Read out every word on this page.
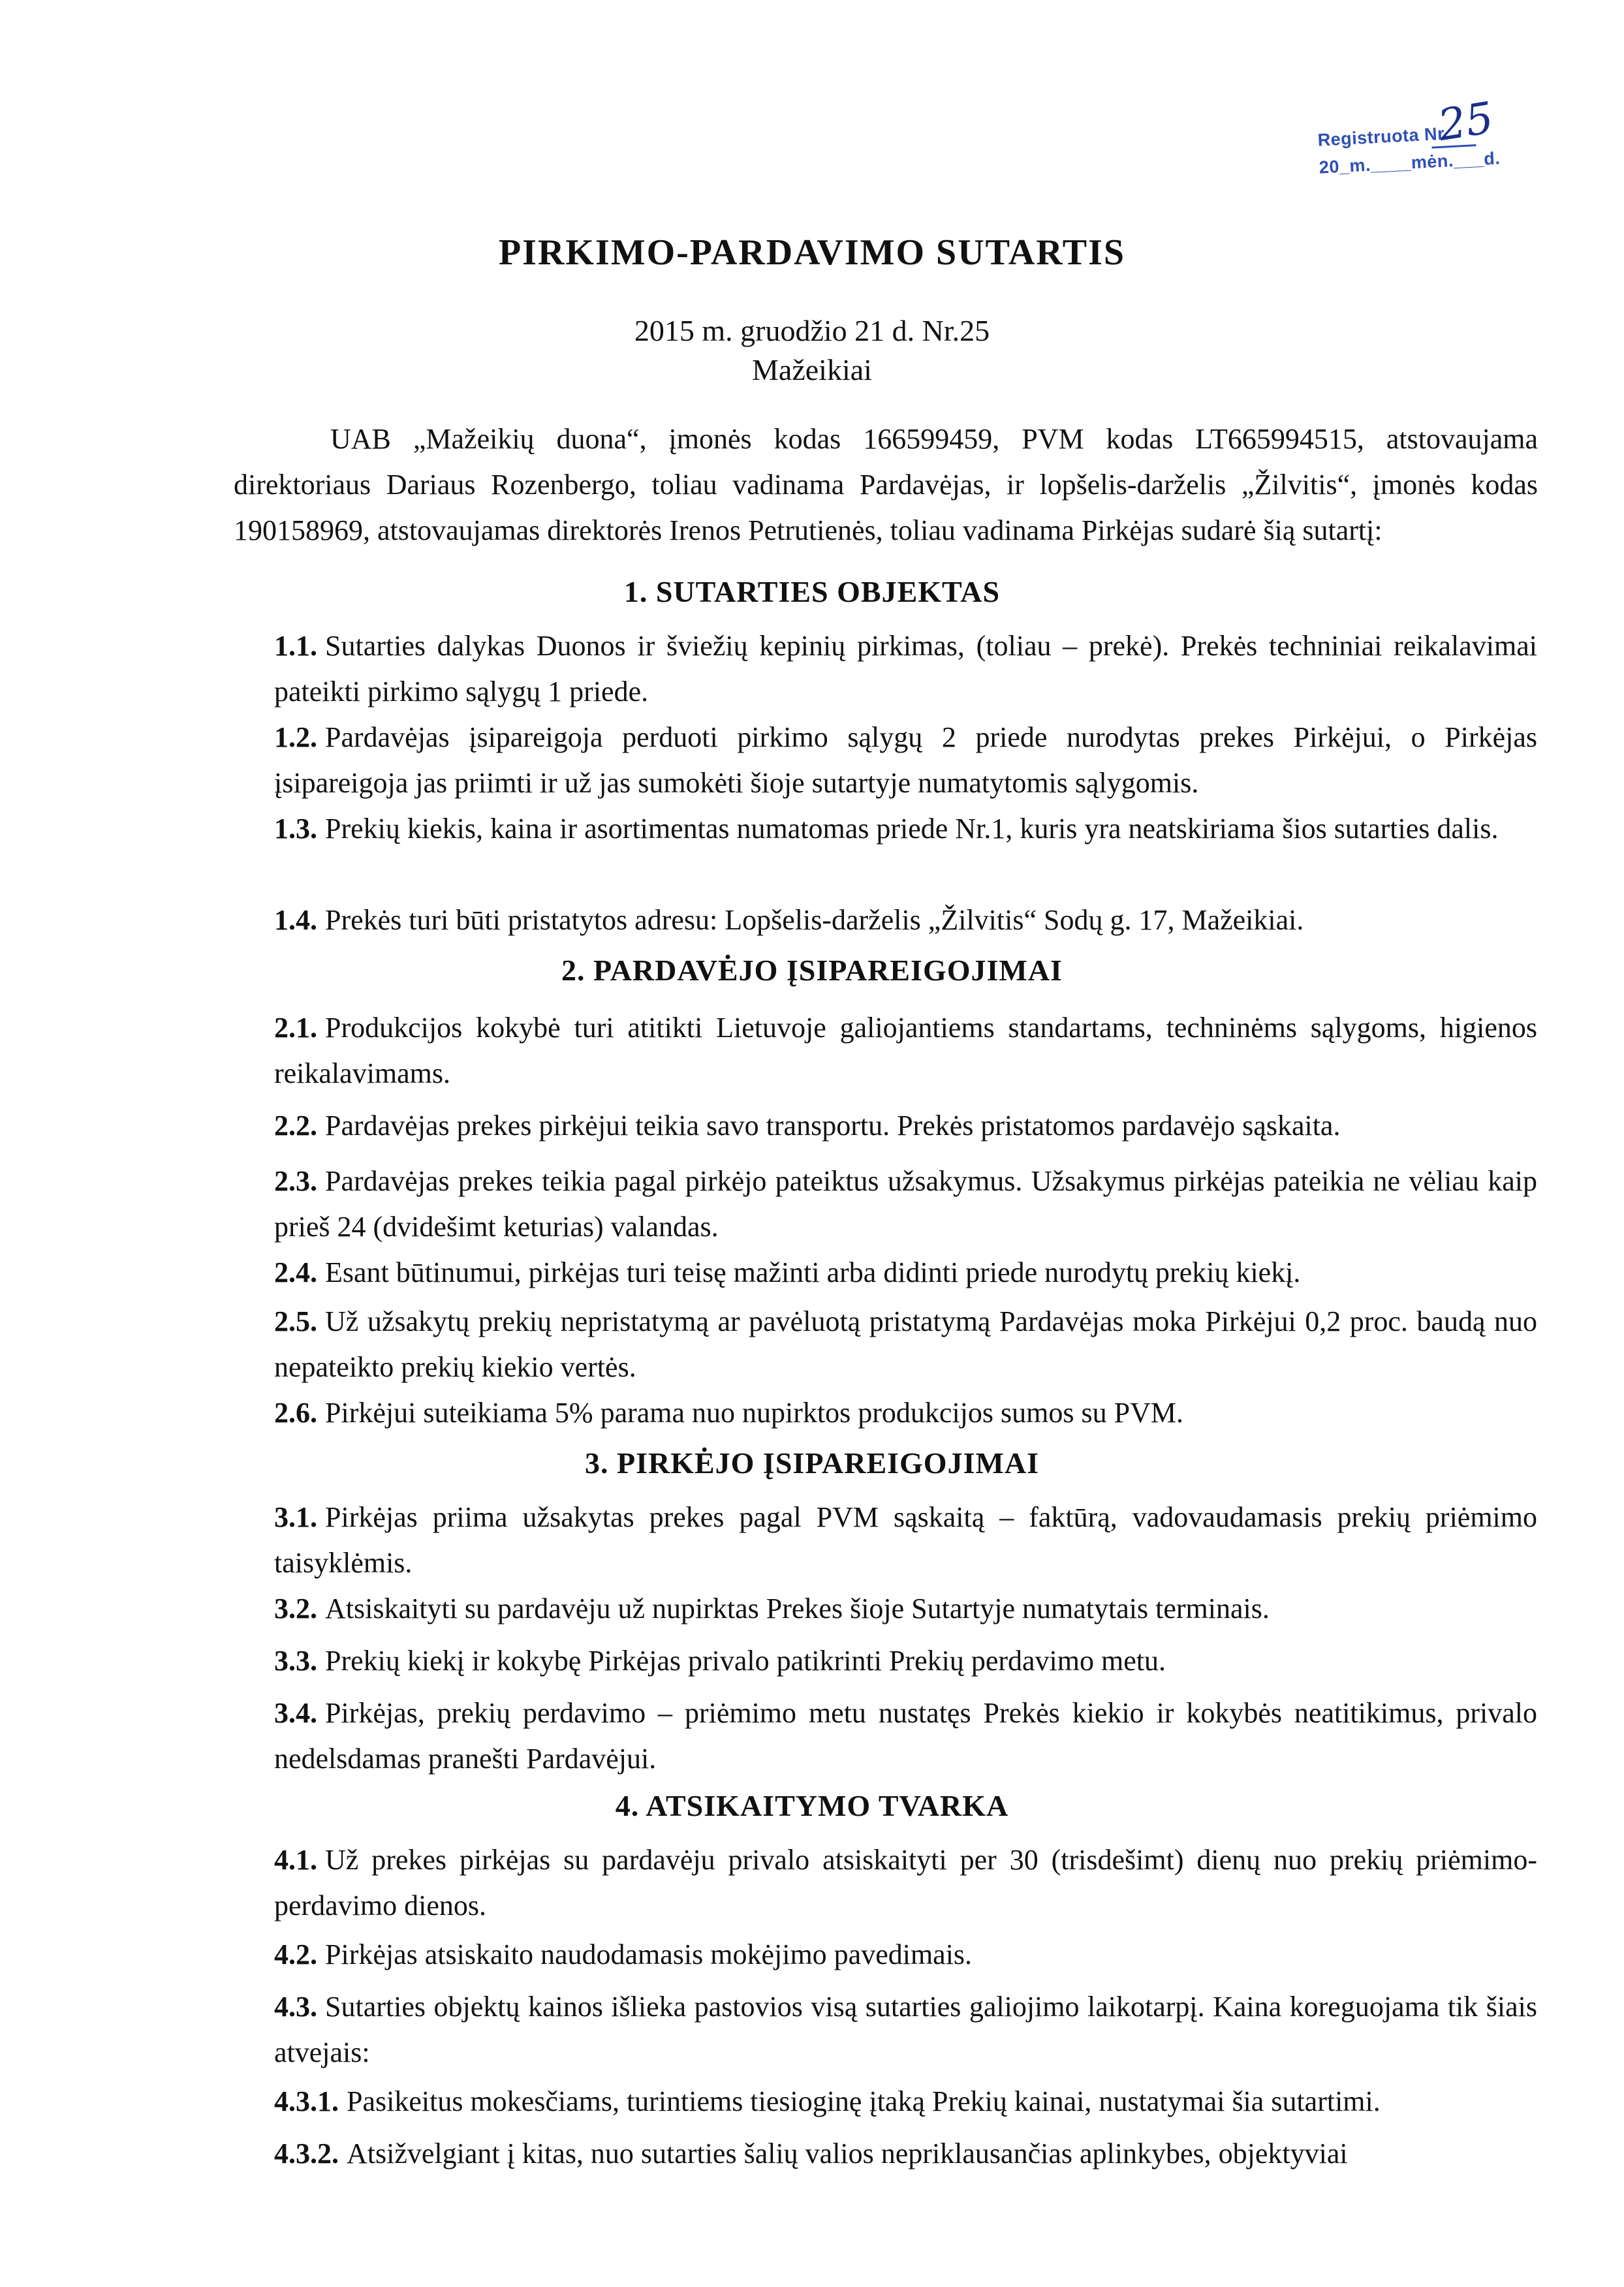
Registruota Nr.
25
20_m.____mėn.___d.
PIRKIMO-PARDAVIMO SUTARTIS
2015 m. gruodžio 21 d. Nr.25
Mažeikiai
UAB „Mažeikių duona“, įmonės kodas 166599459, PVM kodas LT665994515, atstovaujama direktoriaus Dariaus Rozenbergo, toliau vadinama Pardavėjas, ir lopšelis-darželis „Žilvitis“, įmonės kodas 190158969, atstovaujamas direktorės Irenos Petrutienės, toliau vadinama Pirkėjas sudarė šią sutartį:
1. SUTARTIES OBJEKTAS
1.1. Sutarties dalykas Duonos ir šviežių kepinių pirkimas, (toliau – prekė). Prekės techniniai reikalavimai pateikti pirkimo sąlygų 1 priede.
1.2. Pardavėjas įsipareigoja perduoti pirkimo sąlygų 2 priede nurodytas prekes Pirkėjui, o Pirkėjas įsipareigoja jas priimti ir už jas sumokėti šioje sutartyje numatytomis sąlygomis.
1.3. Prekių kiekis, kaina ir asortimentas numatomas priede Nr.1, kuris yra neatskiriama šios sutarties dalis.
1.4. Prekės turi būti pristatytos adresu: Lopšelis-darželis „Žilvitis“ Sodų g. 17, Mažeikiai.
2. PARDAVĖJO ĮSIPAREIGOJIMAI
2.1. Produkcijos kokybė turi atitikti Lietuvoje galiojantiems standartams, techninėms sąlygoms, higienos reikalavimams.
2.2. Pardavėjas prekes pirkėjui teikia savo transportu. Prekės pristatomos pardavėjo sąskaita.
2.3. Pardavėjas prekes teikia pagal pirkėjo pateiktus užsakymus. Užsakymus pirkėjas pateikia ne vėliau kaip prieš 24 (dvidešimt keturias) valandas.
2.4. Esant būtinumui, pirkėjas turi teisę mažinti arba didinti priede nurodytų prekių kiekį.
2.5. Už užsakytų prekių nepristatymą ar pavėluotą pristatymą Pardavėjas moka Pirkėjui 0,2 proc. baudą nuo nepateikto prekių kiekio vertės.
2.6. Pirkėjui suteikiama 5% parama nuo nupirktos produkcijos sumos su PVM.
3. PIRKĖJO ĮSIPAREIGOJIMAI
3.1. Pirkėjas priima užsakytas prekes pagal PVM sąskaitą – faktūrą, vadovaudamasis prekių priėmimo taisyklėmis.
3.2. Atsiskaityti su pardavėju už nupirktas Prekes šioje Sutartyje numatytais terminais.
3.3. Prekių kiekį ir kokybę Pirkėjas privalo patikrinti Prekių perdavimo metu.
3.4. Pirkėjas, prekių perdavimo – priėmimo metu nustatęs Prekės kiekio ir kokybės neatitikimus, privalo nedelsdamas pranešti Pardavėjui.
4. ATSIKAITYMO TVARKA
4.1. Už prekes pirkėjas su pardavėju privalo atsiskaityti per 30 (trisdešimt) dienų nuo prekių priėmimo-perdavimo dienos.
4.2. Pirkėjas atsiskaito naudodamasis mokėjimo pavedimais.
4.3. Sutarties objektų kainos išlieka pastovios visą sutarties galiojimo laikotarpį. Kaina koreguojama tik šiais atvejais:
4.3.1. Pasikeitus mokesčiams, turintiems tiesioginę įtaką Prekių kainai, nustatymai šia sutartimi.
4.3.2. Atsižvelgiant į kitas, nuo sutarties šalių valios nepriklausančias aplinkybes, objektyviai
